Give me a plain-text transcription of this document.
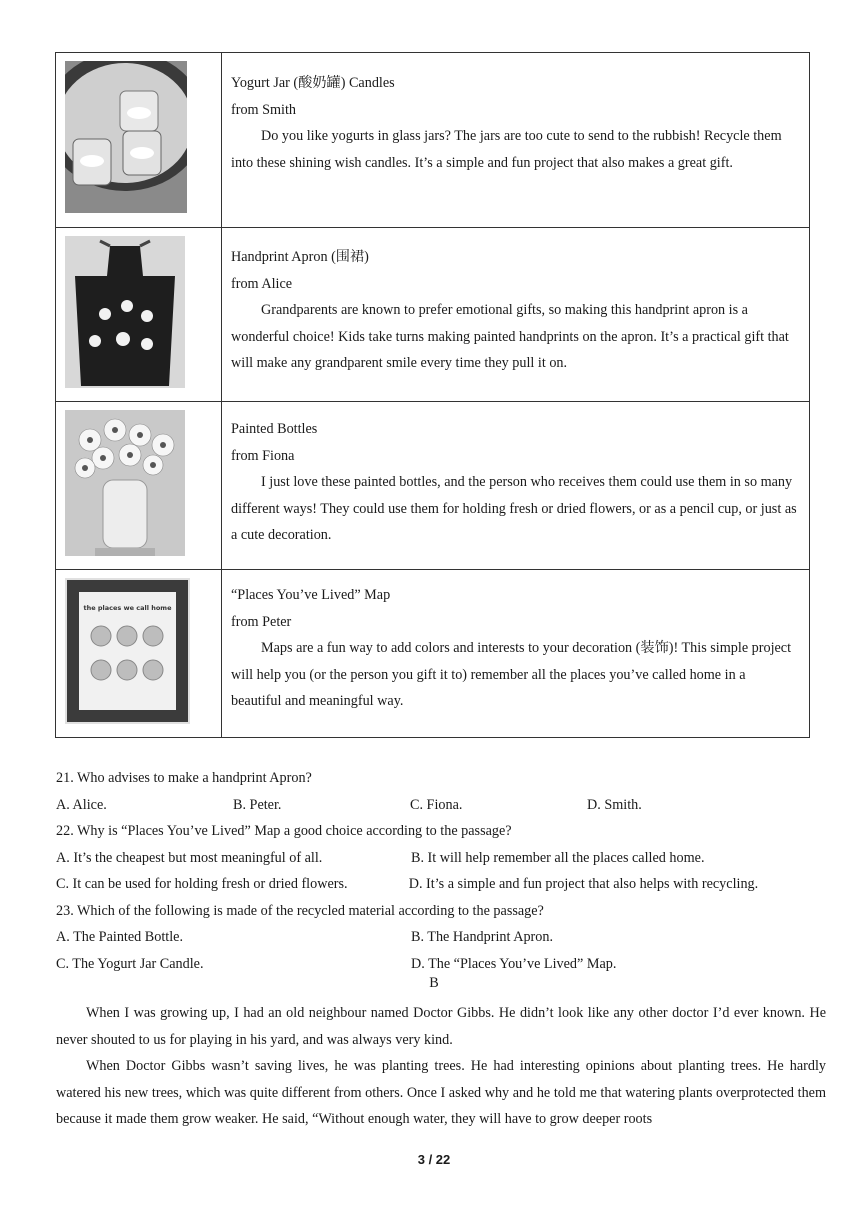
Yogurt Jar (酸奶罐) Candles
from Smith
Do you like yogurts in glass jars? The jars are too cute to send to the rubbish! Recycle them into these shining wish candles. It’s a simple and fun project that also makes a great gift.

Handprint Apron (围裙)
from Alice
Grandparents are known to prefer emotional gifts, so making this handprint apron is a wonderful choice! Kids take turns making painted handprints on the apron. It’s a practical gift that will make any grandparent smile every time they pull it on.

Painted Bottles
from Fiona
I just love these painted bottles, and the person who receives them could use them in so many different ways! They could use them for holding fresh or dried flowers, or as a pencil cup, or just as a cute decoration.

the places we call home	“Places You’ve Lived” Map
from Peter
Maps are a fun way to add colors and interests to your decoration (装饰)! This simple project will help you (or the person you gift it to) remember all the places you’ve called home in a beautiful and meaningful way.
21. Who advises to make a handprint Apron?
A. Alice.	B. Peter.	C. Fiona.	D. Smith.
22. Why is “Places You’ve Lived” Map a good choice according to the passage?
A. It’s the cheapest but most meaningful of all.	B. It will help remember all the places called home.
C. It can be used for holding fresh or dried flowers.	D. It’s a simple and fun project that also helps with recycling.
23. Which of the following is made of the recycled material according to the passage?
A. The Painted Bottle.	B. The Handprint Apron.
C. The Yogurt Jar Candle.	D. The “Places You’ve Lived” Map.
B

When I was growing up, I had an old neighbour named Doctor Gibbs. He didn’t look like any other doctor I’d ever known. He never shouted to us for playing in his yard, and was always very kind.

When Doctor Gibbs wasn’t saving lives, he was planting trees. He had interesting opinions about planting trees. He hardly watered his new trees, which was quite different from others. Once I asked why and he told me that watering plants overprotected them because it made them grow weaker. He said, “Without enough water, they will have to grow deeper roots

3 / 22
